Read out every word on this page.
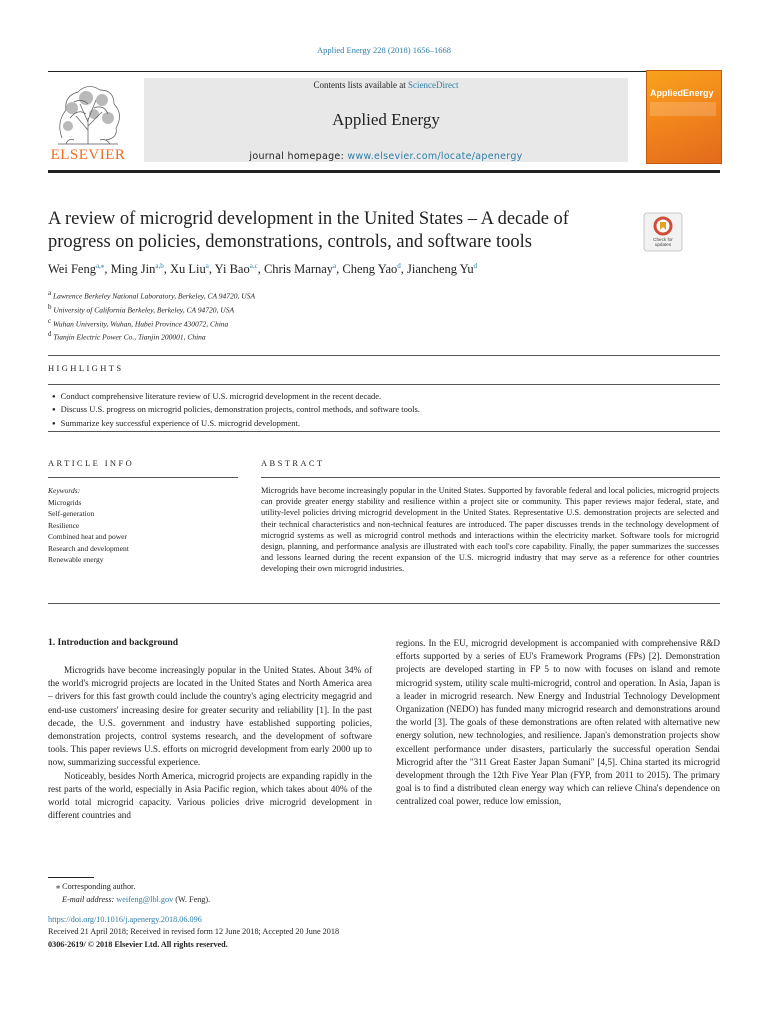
Applied Energy 228 (2018) 1656–1668
ELSEVIER
Contents lists available at ScienceDirect
Applied Energy
journal homepage: www.elsevier.com/locate/apenergy
AppliedEnergy
A review of microgrid development in the United States – A decade of progress on policies, demonstrations, controls, and software tools	Check for
updates
Wei Feng$^{a,⁎}$, Ming Jin$^{a,b}$, Xu Liu$^a$, Yi Bao$^{a,c}$, Chris Marnay$^a$, Cheng Yao$^d$, Jiancheng Yu$^d$
$^a$ Lawrence Berkeley National Laboratory, Berkeley, CA 94720, USA
$^b$ University of California Berkeley, Berkeley, CA 94720, USA
$^c$ Wuhan University, Wuhan, Hubei Province 430072, China
$^d$ Tianjin Electric Power Co., Tianjin 200001, China
HIGHLIGHTS
● Conduct comprehensive literature review of U.S. microgrid development in the recent decade.
● Discuss U.S. progress on microgrid policies, demonstration projects, control methods, and software tools.
● Summarize key successful experience of U.S. microgrid development.
ARTICLE INFO	ABSTRACT
Keywords:
Microgrids
Self-generation
Resilience
Combined heat and power
Research and development
Renewable energy
Microgrids have become increasingly popular in the United States. Supported by favorable federal and local policies, microgrid projects can provide greater energy stability and resilience within a project site or community. This paper reviews major federal, state, and utility-level policies driving microgrid development in the United States. Representative U.S. demonstration projects are selected and their technical characteristics and non-technical features are introduced. The paper discusses trends in the technology development of microgrid systems as well as microgrid control methods and interactions within the electricity market. Software tools for microgrid design, planning, and performance analysis are illustrated with each tool's core capability. Finally, the paper summarizes the successes and lessons learned during the recent expansion of the U.S. microgrid industry that may serve as a reference for other countries developing their own microgrid industries.
1. Introduction and background

Microgrids have become increasingly popular in the United States. About 34% of the world's microgrid projects are located in the United States and North America area – drivers for this fast growth could include the country's aging electricity megagrid and end-use customers' increasing desire for greater security and reliability [1]. In the past decade, the U.S. government and industry have established supporting policies, demonstration projects, control systems research, and the development of software tools. This paper reviews U.S. efforts on microgrid development from early 2000 up to now, summarizing successful experience.

Noticeably, besides North America, microgrid projects are expanding rapidly in the rest parts of the world, especially in Asia Pacific region, which takes about 40% of the world total microgrid capacity. Various policies drive microgrid development in different countries and

regions. In the EU, microgrid development is accompanied with comprehensive R&D efforts supported by a series of EU's Framework Programs (FPs) [2]. Demonstration projects are developed starting in FP 5 to now with focuses on island and remote microgrid system, utility scale multi-microgrid, control and operation. In Asia, Japan is a leader in microgrid research. New Energy and Industrial Technology Development Organization (NEDO) has funded many microgrid research and demonstrations around the world [3]. The goals of these demonstrations are often related with alternative new energy solution, new technologies, and resilience. Japan's demonstration projects show excellent performance under disasters, particularly the successful operation Sendai Microgrid after the "311 Great Easter Japan Sumani" [4,5]. China started its microgrid development through the 12th Five Year Plan (FYP, from 2011 to 2015). The primary goal is to find a distributed clean energy way which can relieve China's dependence on centralized coal power, reduce low emission,

⁎ Corresponding author.
E-mail address: weifeng@lbl.gov (W. Feng).
https://doi.org/10.1016/j.apenergy.2018.06.096
Received 21 April 2018; Received in revised form 12 June 2018; Accepted 20 June 2018
0306-2619/ © 2018 Elsevier Ltd. All rights reserved.
